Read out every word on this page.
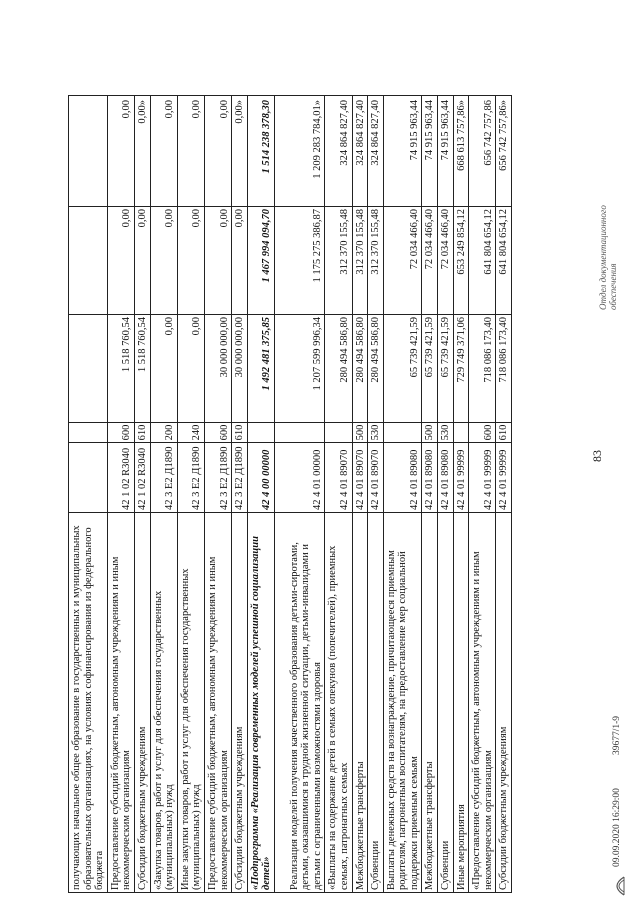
83
получающих начальное общее образование в государственных и муниципальных образовательных организациях, на условиях софинансирования из федерального бюджета Предоставление субсидий бюджетным, автономным учреждениям и иным некоммерческим организациям
42 1 02 R3040
600
1 518 760,54
0,00
0,00
Субсидии бюджетным учреждениям
42 1 02 R3040
610
1 518 760,54
0,00
0,00»
«Закупка товаров, работ и услуг для обеспечения государственных (муниципальных) нужд
42 3 Е2 Д1890
200
0,00
0,00
0,00
Иные закупки товаров, работ и услуг для обеспечения государственных (муниципальных) нужд
42 3 Е2 Д1890
240
0,00
0,00
0,00
Предоставление субсидий бюджетным, автономным учреждениям и иным некоммерческим организациям
42 3 Е2 Д1890
600
30 000 000,00
0,00
0,00
Субсидии бюджетным учреждениям
42 3 Е2 Д1890
610
30 000 000,00
0,00
0,00»
«Подпрограмма «Реализация современных моделей успешной социализации детей»
42 4 00 00000
1 492 481 375,85
1 467 994 094,70
1 514 238 378,30
Реализация моделей получения качественного образования детьми-сиротами, детьми, оказавшимися в трудной жизненной ситуации, детьми-инвалидами и детьми с ограниченными возможностями здоровья
42 4 01 00000
1 207 599 996,34
1 175 275 386,87
1 209 283 784,01»
«Выплаты на содержание детей в семьях опекунов (попечителей), приемных семьях, патронатных семьях
42 4 01 89070
280 494 586,80
312 370 155,48
324 864 827,40
Межбюджетные трансферты
42 4 01 89070
500
280 494 586,80
312 370 155,48
324 864 827,40
Субвенции
42 4 01 89070
530
280 494 586,80
312 370 155,48
324 864 827,40
Выплаты денежных средств на вознаграждение, причитающееся приемным родителям, патронатным воспитателям, на предоставление мер социальной поддержки приемным семьям
42 4 01 89080
65 739 421,59
72 034 466,40
74 915 963,44
Межбюджетные трансферты
42 4 01 89080
500
65 739 421,59
72 034 466,40
74 915 963,44
Субвенции
42 4 01 89080
530
65 739 421,59
72 034 466,40
74 915 963,44
Иные мероприятия
42 4 01 99999
729 749 371,06
653 249 854,12
668 613 757,86»
«Предоставление субсидий бюджетным, автономным учреждениям и иным некоммерческим организациям
42 4 01 99999
600
718 086 173,40
641 804 654,12
656 742 757,86
Субсидии бюджетным учреждениям
42 4 01 99999
610
718 086 173,40
641 804 654,12
656 742 757,86»
09.09.2020 16:29:00
39677/1-9
Отдел документационного обеспечения
